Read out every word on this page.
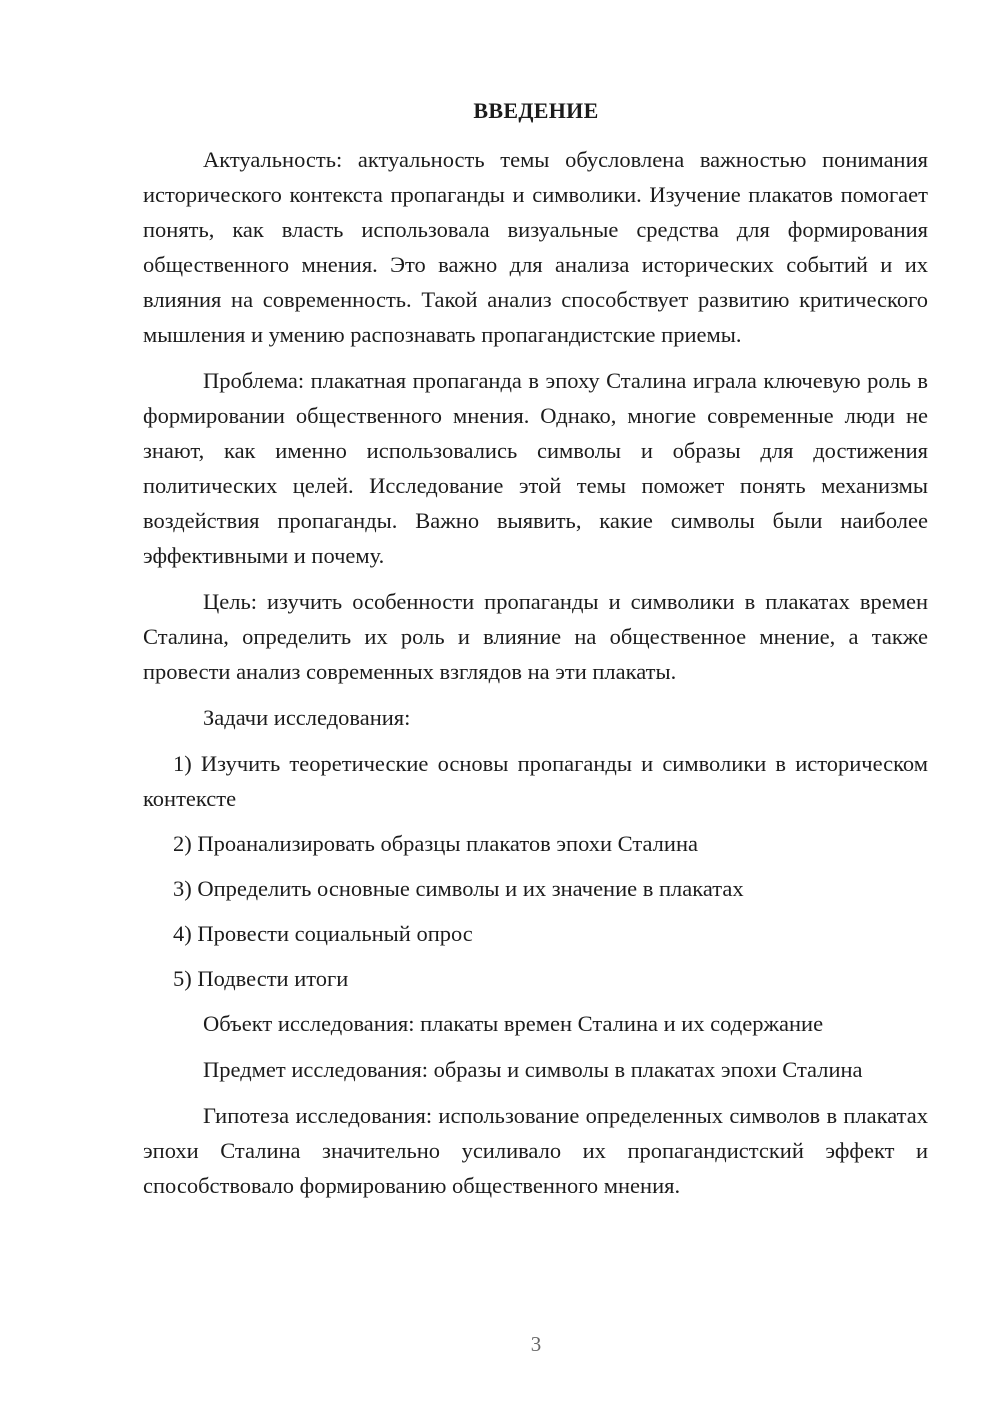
ВВЕДЕНИЕ

Актуальность: актуальность темы обусловлена важностью понимания исторического контекста пропаганды и символики. Изучение плакатов помогает понять, как власть использовала визуальные средства для формирования общественного мнения. Это важно для анализа исторических событий и их влияния на современность. Такой анализ способствует развитию критического мышления и умению распознавать пропагандистские приемы.

Проблема: плакатная пропаганда в эпоху Сталина играла ключевую роль в формировании общественного мнения. Однако, многие современные люди не знают, как именно использовались символы и образы для достижения политических целей. Исследование этой темы поможет понять механизмы воздействия пропаганды. Важно выявить, какие символы были наиболее эффективными и почему.

Цель: изучить особенности пропаганды и символики в плакатах времен Сталина, определить их роль и влияние на общественное мнение, а также провести анализ современных взглядов на эти плакаты.

Задачи исследования:

1) Изучить теоретические основы пропаганды и символики в историческом контексте

2) Проанализировать образцы плакатов эпохи Сталина

3) Определить основные символы и их значение в плакатах

4) Провести социальный опрос

5) Подвести итоги

Объект исследования: плакаты времен Сталина и их содержание

Предмет исследования: образы и символы в плакатах эпохи Сталина

Гипотеза исследования: использование определенных символов в плакатах эпохи Сталина значительно усиливало их пропагандистский эффект и способствовало формированию общественного мнения.

3
